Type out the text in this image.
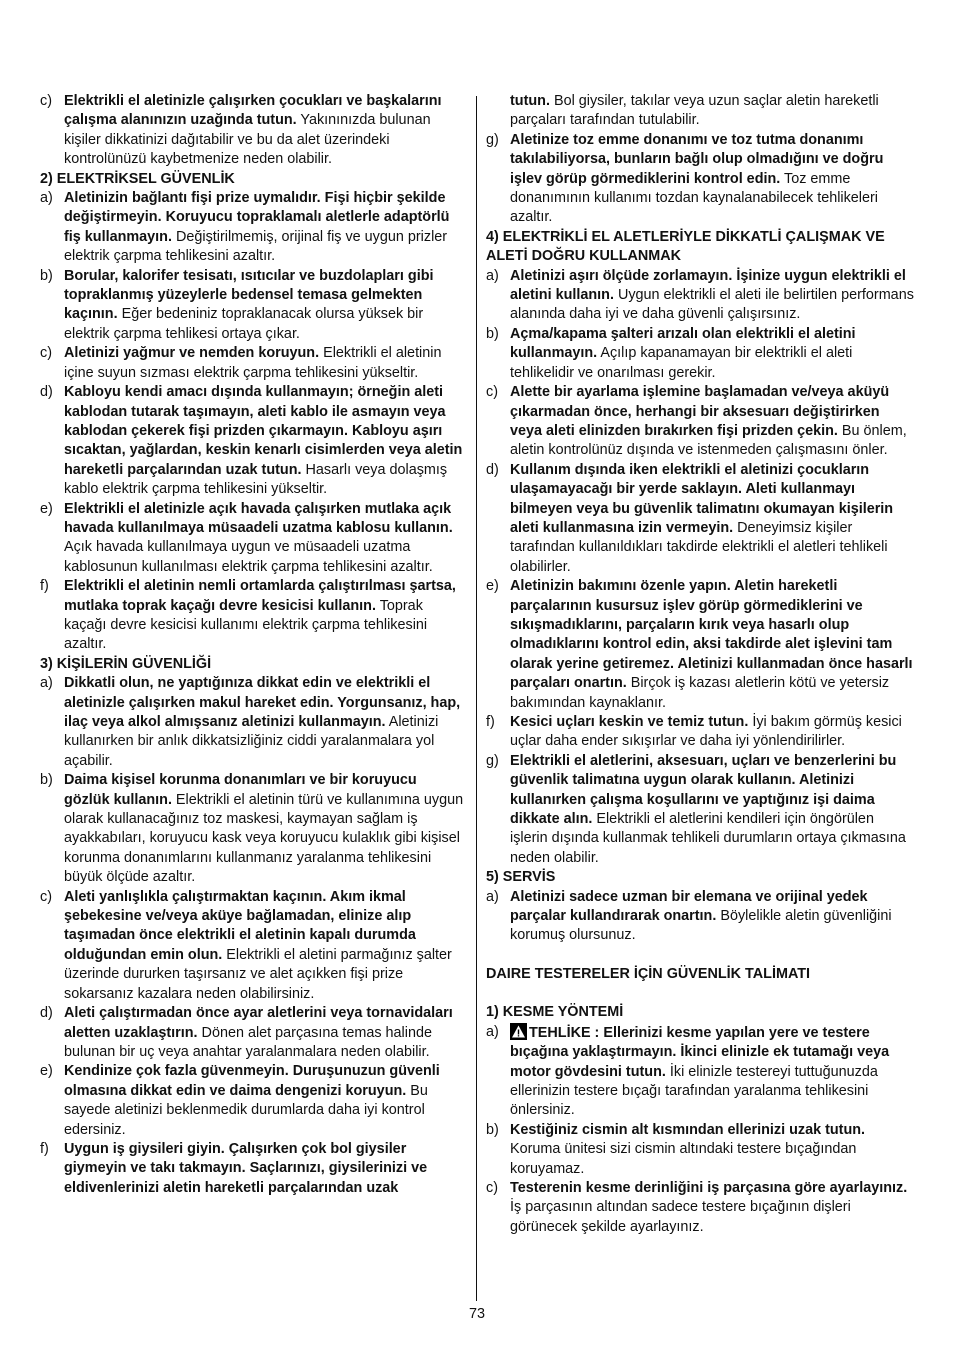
c) Elektrikli el aletinizle çalışırken çocukları ve başkalarını çalışma alanınızın uzağında tutun. Yakınınızda bulunan kişiler dikkatinizi dağıtabilir ve bu da alet üzerindeki kontrolünüzü kaybetmenize neden olabilir.
2) ELEKTRİKSEL GÜVENLİK
a) Aletinizin bağlantı fişi prize uymalıdır. Fişi hiçbir şekilde değiştirmeyin. Koruyucu topraklamalı aletlerle adaptörlü fiş kullanmayın. Değiştirilmemiş, orijinal fiş ve uygun prizler elektrik çarpma tehlikesini azaltır.
b) Borular, kalorifer tesisatı, ısıtıcılar ve buzdolapları gibi topraklanmış yüzeylerle bedensel temasa gelmekten kaçının. Eğer bedeniniz topraklanacak olursa yüksek bir elektrik çarpma tehlikesi ortaya çıkar.
c) Aletinizi yağmur ve nemden koruyun. Elektrikli el aletinin içine suyun sızması elektrik çarpma tehlikesini yükseltir.
d) Kabloyu kendi amacı dışında kullanmayın; örneğin aleti kablodan tutarak taşımayın, aleti kablo ile asmayın veya kablodan çekerek fişi prizden çıkarmayın. Kabloyu aşırı sıcaktan, yağlardan, keskin kenarlı cisimlerden veya aletin hareketli parçalarından uzak tutun. Hasarlı veya dolaşmış kablo elektrik çarpma tehlikesini yükseltir.
e) Elektrikli el aletinizle açık havada çalışırken mutlaka açık havada kullanılmaya müsaadeli uzatma kablosu kullanın. Açık havada kullanılmaya uygun ve müsaadeli uzatma kablosunun kullanılması elektrik çarpma tehlikesini azaltır.
f)	Elektrikli el aletinin nemli ortamlarda çalıştırılması şartsa, mutlaka toprak kaçağı devre kesicisi kullanın. Toprak kaçağı devre kesicisi kullanımı elektrik çarpma tehlikesini azaltır.
3) KİŞİLERİN GÜVENLİĞİ
a) Dikkatli olun, ne yaptığınıza dikkat edin ve elektrikli el aletinizle çalışırken makul hareket edin. Yorgunsanız, hap, ilaç veya alkol almışsanız aletinizi kullanmayın. Aletinizi kullanırken bir anlık dikkatsizliğiniz ciddi yaralanmalara yol açabilir.
b) Daima kişisel korunma donanımları ve bir koruyucu gözlük kullanın. Elektrikli el aletinin türü ve kullanımına uygun olarak kullanacağınız toz maskesi, kaymayan sağlam iş ayakkabıları, koruyucu kask veya koruyucu kulaklık gibi kişisel korunma donanımlarını kullanmanız yaralanma tehlikesini büyük ölçüde azaltır.
c) Aleti yanlışlıkla çalıştırmaktan kaçının. Akım ikmal şebekesine ve/veya aküye bağlamadan, elinize alıp taşımadan önce elektrikli el aletinin kapalı durumda olduğundan emin olun. Elektrikli el aletini parmağınız şalter üzerinde dururken taşırsanız ve alet açıkken fişi prize sokarsanız kazalara neden olabilirsiniz.
d) Aleti çalıştırmadan önce ayar aletlerini veya tornavidaları aletten uzaklaştırın. Dönen alet parçasına temas halinde bulunan bir uç veya anahtar yaralanmalara neden olabilir.
e) Kendinize çok fazla güvenmeyin. Duruşunuzun güvenli olmasına dikkat edin ve daima dengenizi koruyun. Bu sayede aletinizi beklenmedik durumlarda daha iyi kontrol edersiniz.
f)	Uygun iş giysileri giyin. Çalışırken çok bol giysiler giymeyin ve takı takmayın. Saçlarınızı, giysilerinizi ve eldivenlerinizi aletin hareketli parçalarından uzak
tutun. Bol giysiler, takılar veya uzun saçlar aletin hareketli parçaları tarafından tutulabilir.
g) Aletinize toz emme donanımı ve toz tutma donanımı takılabiliyorsa, bunların bağlı olup olmadığını ve doğru işlev görüp görmediklerini kontrol edin. Toz emme donanımının kullanımı tozdan kaynalanabilecek tehlikeleri azaltır.
4) ELEKTRİKLİ EL ALETLERİYLE DİKKATLİ ÇALIŞMAK VE ALETİ DOĞRU KULLANMAK
a) Aletinizi aşırı ölçüde zorlamayın. İşinize uygun elektrikli el aletini kullanın. Uygun elektrikli el aleti ile belirtilen performans alanında daha iyi ve daha güvenli çalışırsınız.
b) Açma/kapama şalteri arızalı olan elektrikli el aletini kullanmayın. Açılıp kapanamayan bir elektrikli el aleti tehlikelidir ve onarılması gerekir.
c) Alette bir ayarlama işlemine başlamadan ve/veya aküyü çıkarmadan önce, herhangi bir aksesuarı değiştirirken veya aleti elinizden bırakırken fişi prizden çekin. Bu önlem, aletin kontrolünüz dışında ve istenmeden çalışmasını önler.
d) Kullanım dışında iken elektrikli el aletinizi çocukların ulaşamayacağı bir yerde saklayın. Aleti kullanmayı bilmeyen veya bu güvenlik talimatını okumayan kişilerin aleti kullanmasına izin vermeyin. Deneyimsiz kişiler tarafından kullanıldıkları takdirde elektrikli el aletleri tehlikeli olabilirler.
e) Aletinizin bakımını özenle yapın. Aletin hareketli parçalarının kusursuz işlev görüp görmediklerini ve sıkışmadıklarını, parçaların kırık veya hasarlı olup olmadıklarını kontrol edin, aksi takdirde alet işlevini tam olarak yerine getiremez. Aletinizi kullanmadan önce hasarlı parçaları onartın. Birçok iş kazası aletlerin kötü ve yetersiz bakımından kaynaklanır.
f)	Kesici uçları keskin ve temiz tutun. İyi bakım görmüş kesici uçlar daha ender sıkışırlar ve daha iyi yönlendirilirler.
g) Elektrikli el aletlerini, aksesuarı, uçları ve benzerlerini bu güvenlik talimatına uygun olarak kullanın. Aletinizi kullanırken çalışma koşullarını ve yaptığınız işi daima dikkate alın. Elektrikli el aletlerini kendileri için öngörülen işlerin dışında kullanmak tehlikeli durumların ortaya çıkmasına neden olabilir.
5) SERVİS
a) Aletinizi sadece uzman bir elemana ve orijinal yedek parçalar kullandırarak onartın. Böylelikle aletin güvenliğini korumuş olursunuz.
DAIRE TESTERELER İÇİN GÜVENLİK TALİMATI
1) KESME YÖNTEMİ
a)	TEHLİKE : Ellerinizi kesme yapılan yere ve testere bıçağına yaklaştırmayın. İkinci elinizle ek tutamağı veya motor gövdesini tutun. İki elinizle testereyi tuttuğunuzda ellerinizin testere bıçağı tarafından yaralanma tehlikesini önlersiniz.
b) Kestiğiniz cismin alt kısmından ellerinizi uzak tutun. Koruma ünitesi sizi cismin altındaki testere bıçağından koruyamaz.
c) Testerenin kesme derinliğini iş parçasına göre ayarlayınız. İş parçasının altından sadece testere bıçağının dişleri görünecek şekilde ayarlayınız.
73
